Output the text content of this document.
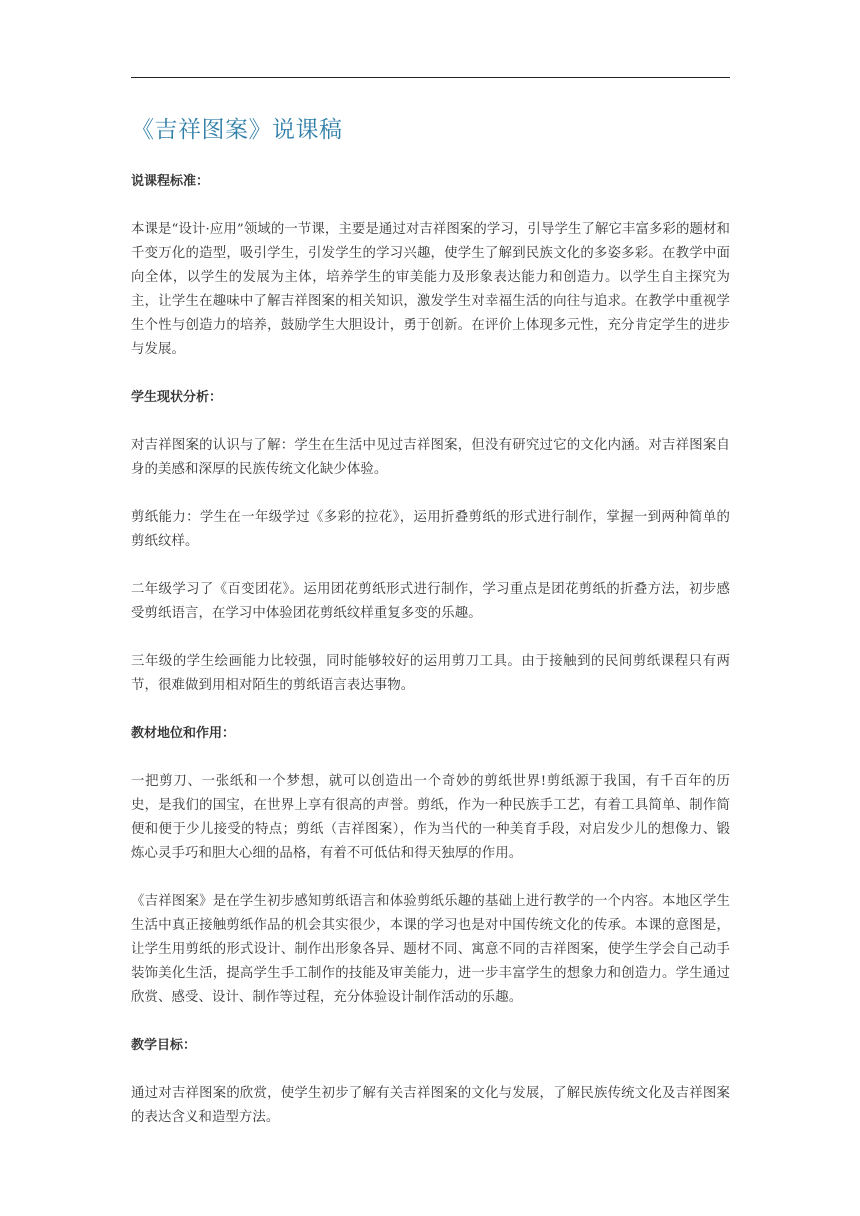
《吉祥图案》说课稿

说课程标准：

本课是“设计·应用”领域的一节课，主要是通过对吉祥图案的学习，引导学生了解它丰富多彩的题材和千变万化的造型，吸引学生，引发学生的学习兴趣，使学生了解到民族文化的多姿多彩。在教学中面向全体，以学生的发展为主体，培养学生的审美能力及形象表达能力和创造力。以学生自主探究为主，让学生在趣味中了解吉祥图案的相关知识，激发学生对幸福生活的向往与追求。在教学中重视学生个性与创造力的培养，鼓励学生大胆设计，勇于创新。在评价上体现多元性，充分肯定学生的进步与发展。

学生现状分析：

对吉祥图案的认识与了解：学生在生活中见过吉祥图案，但没有研究过它的文化内涵。对吉祥图案自身的美感和深厚的民族传统文化缺少体验。

剪纸能力：学生在一年级学过《多彩的拉花》，运用折叠剪纸的形式进行制作，掌握一到两种简单的剪纸纹样。

二年级学习了《百变团花》。运用团花剪纸形式进行制作，学习重点是团花剪纸的折叠方法，初步感受剪纸语言，在学习中体验团花剪纸纹样重复多变的乐趣。

三年级的学生绘画能力比较强，同时能够较好的运用剪刀工具。由于接触到的民间剪纸课程只有两节，很难做到用相对陌生的剪纸语言表达事物。

教材地位和作用：

一把剪刀、一张纸和一个梦想，就可以创造出一个奇妙的剪纸世界!剪纸源于我国，有千百年的历史，是我们的国宝，在世界上享有很高的声誉。剪纸，作为一种民族手工艺，有着工具简单、制作简便和便于少儿接受的特点；剪纸（吉祥图案），作为当代的一种美育手段，对启发少儿的想像力、锻炼心灵手巧和胆大心细的品格，有着不可低估和得天独厚的作用。

《吉祥图案》是在学生初步感知剪纸语言和体验剪纸乐趣的基础上进行教学的一个内容。本地区学生生活中真正接触剪纸作品的机会其实很少，本课的学习也是对中国传统文化的传承。本课的意图是，让学生用剪纸的形式设计、制作出形象各异、题材不同、寓意不同的吉祥图案，使学生学会自己动手装饰美化生活，提高学生手工制作的技能及审美能力，进一步丰富学生的想象力和创造力。学生通过欣赏、感受、设计、制作等过程，充分体验设计制作活动的乐趣。

教学目标：

通过对吉祥图案的欣赏，使学生初步了解有关吉祥图案的文化与发展，了解民族传统文化及吉祥图案的表达含义和造型方法。
